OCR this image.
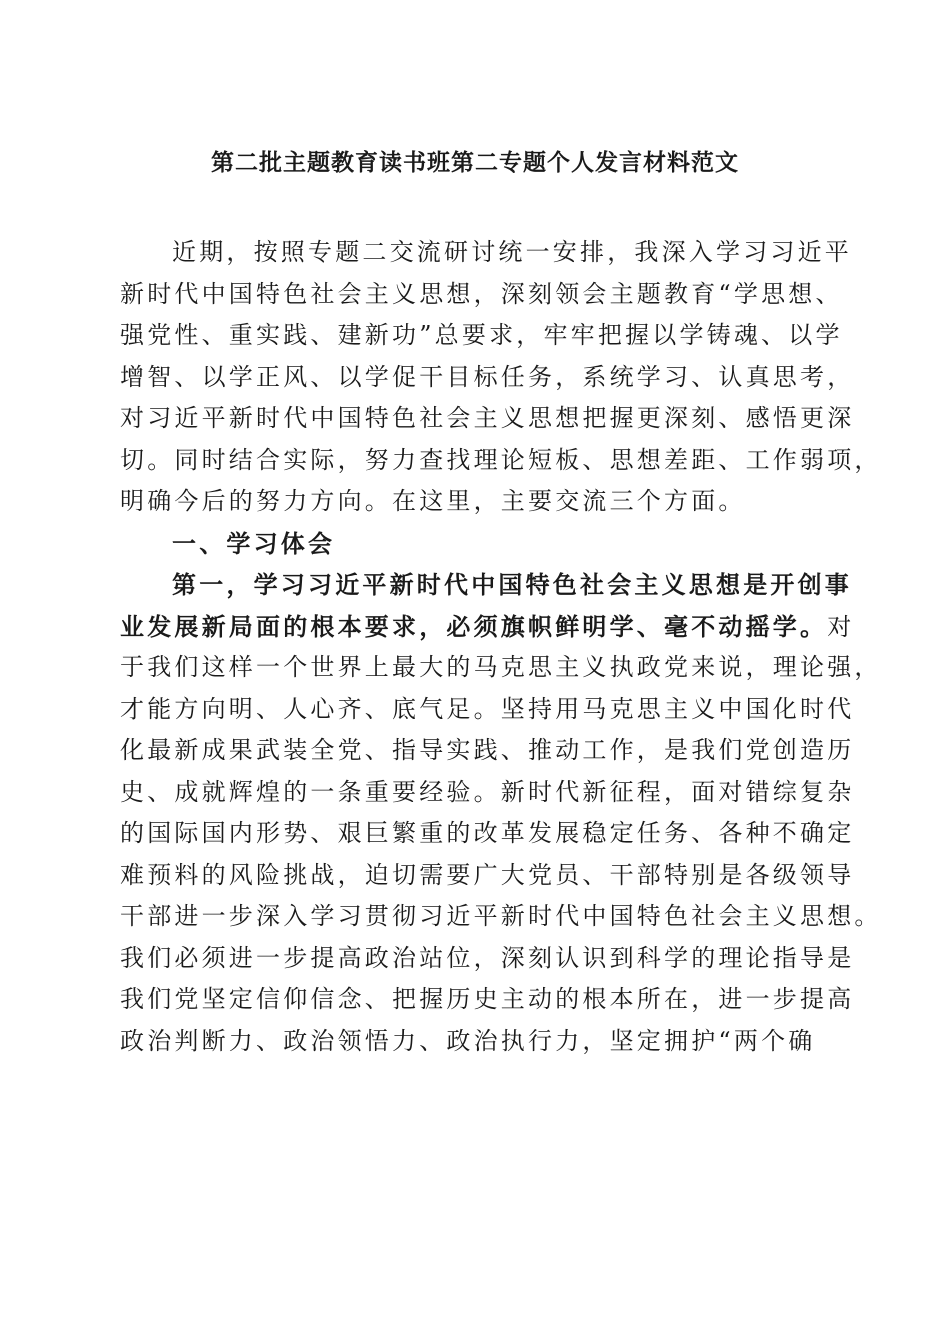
第二批主题教育读书班第二专题个人发言材料范文
近期，按照专题二交流研讨统一安排，我深入学习习近平
新时代中国特色社会主义思想，深刻领会主题教育“学思想、
强党性、重实践、建新功”总要求，牢牢把握以学铸魂、以学
增智、以学正风、以学促干目标任务，系统学习、认真思考，
对习近平新时代中国特色社会主义思想把握更深刻、感悟更深
切。同时结合实际，努力查找理论短板、思想差距、工作弱项，
明确今后的努力方向。在这里，主要交流三个方面。
一、学习体会
第一，学习习近平新时代中国特色社会主义思想是开创事
业发展新局面的根本要求，必须旗帜鲜明学、毫不动摇学。对
于我们这样一个世界上最大的马克思主义执政党来说，理论强，
才能方向明、人心齐、底气足。坚持用马克思主义中国化时代
化最新成果武装全党、指导实践、推动工作，是我们党创造历
史、成就辉煌的一条重要经验。新时代新征程，面对错综复杂
的国际国内形势、艰巨繁重的改革发展稳定任务、各种不确定
难预料的风险挑战，迫切需要广大党员、干部特别是各级领导
干部进一步深入学习贯彻习近平新时代中国特色社会主义思想。
我们必须进一步提高政治站位，深刻认识到科学的理论指导是
我们党坚定信仰信念、把握历史主动的根本所在，进一步提高
政治判断力、政治领悟力、政治执行力，坚定拥护“两个确
